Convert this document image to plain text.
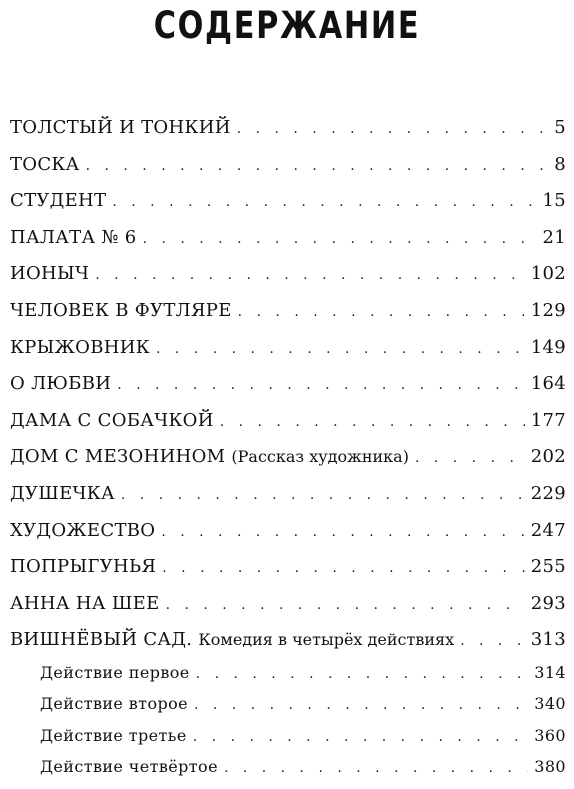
СОДЕРЖАНИЕ
ТОЛСТЫЙ И ТОНКИЙ . . .	5
ТОСКА . . .	8
СТУДЕНТ . . .	15
ПАЛАТА № 6 . . .	21
ИОНЫЧ . . .	102
ЧЕЛОВЕК В ФУТЛЯРЕ . . .	129
КРЫЖОВНИК . . .	149
О ЛЮБВИ . . .	164
ДАМА С СОБАЧКОЙ . . .	177
ДОМ С МЕЗОНИНОМ (Рассказ художника) . . .	202
ДУШЕЧКА . . .	229
ХУДОЖЕСТВО . . .	247
ПОПРЫГУНЬЯ . . .	255
АННА НА ШЕЕ . . .	293
ВИШНЁВЫЙ САД. Комедия в четырёх действиях . . .	313
Действие первое . . .	314
Действие второе . . .	340
Действие третье . . .	360
Действие четвёртое . . .	380
